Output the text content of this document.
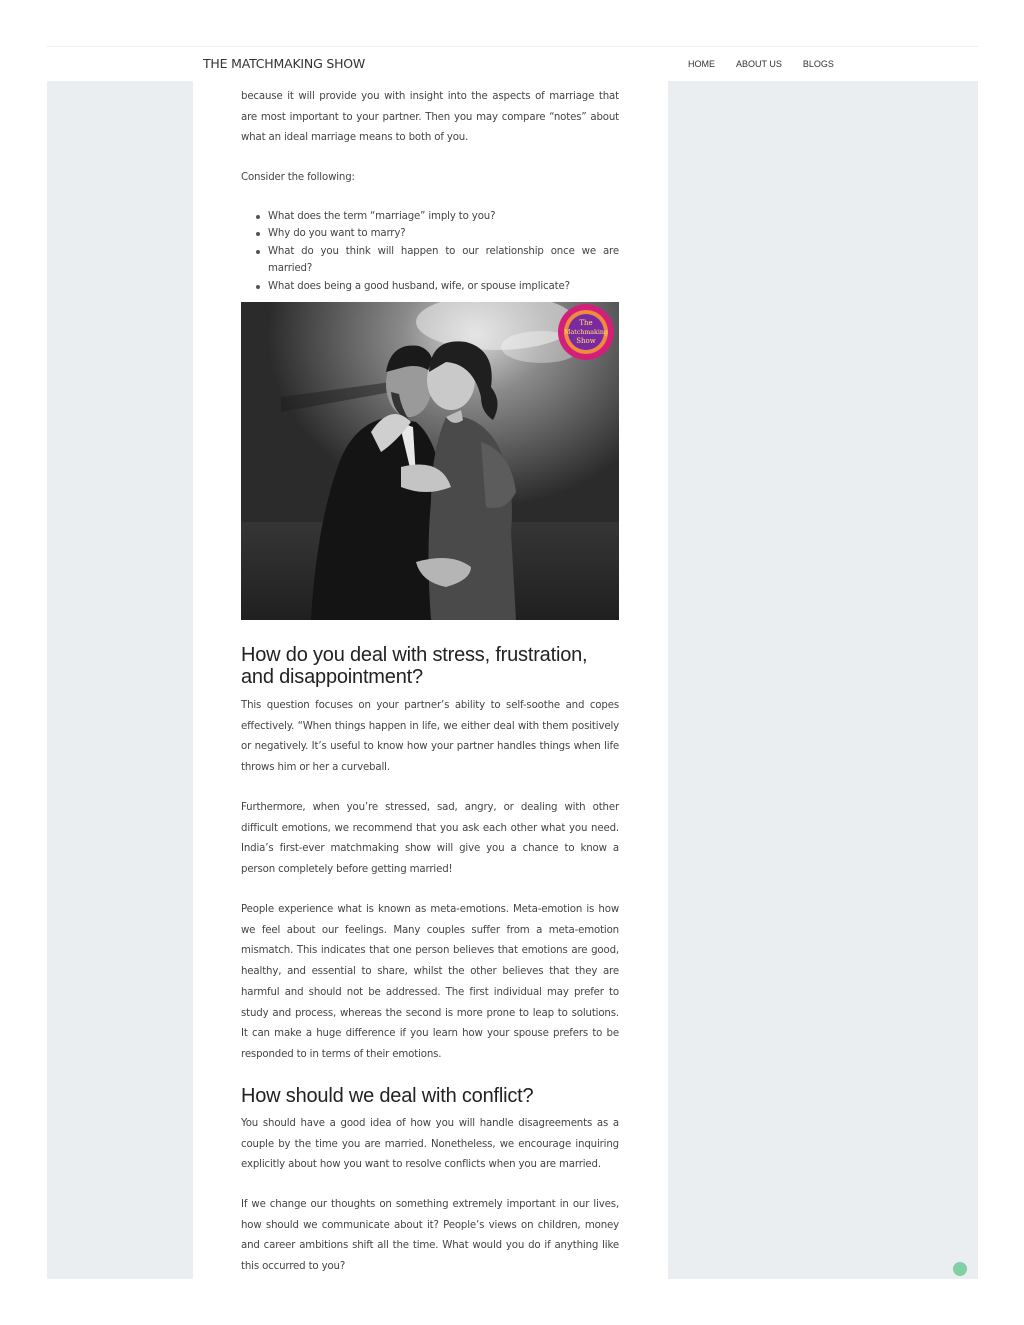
THE MATCHMAKING SHOW	HOME ABOUT US BLOGS

because it will provide you with insight into the aspects of marriage that are most important to your partner. Then you may compare “notes” about what an ideal marriage means to both of you.

Consider the following:

What does the term “marriage” imply to you?
Why do you want to marry?
What do you think will happen to our relationship once we are married?
What does being a good husband, wife, or spouse implicate?
The
Matchmaking
Show
How do you deal with stress, frustration, and disappointment?

This question focuses on your partner’s ability to self-soothe and copes effectively. “When things happen in life, we either deal with them positively or negatively. It’s useful to know how your partner handles things when life throws him or her a curveball.

Furthermore, when you’re stressed, sad, angry, or dealing with other difficult emotions, we recommend that you ask each other what you need. India’s first-ever matchmaking show will give you a chance to know a person completely before getting married!

People experience what is known as meta-emotions. Meta-emotion is how we feel about our feelings. Many couples suffer from a meta-emotion mismatch. This indicates that one person believes that emotions are good, healthy, and essential to share, whilst the other believes that they are harmful and should not be addressed. The first individual may prefer to study and process, whereas the second is more prone to leap to solutions. It can make a huge difference if you learn how your spouse prefers to be responded to in terms of their emotions.

How should we deal with conflict?

You should have a good idea of how you will handle disagreements as a couple by the time you are married. Nonetheless, we encourage inquiring explicitly about how you want to resolve conflicts when you are married.

If we change our thoughts on something extremely important in our lives, how should we communicate about it? People’s views on children, money and career ambitions shift all the time. What would you do if anything like this occurred to you?
